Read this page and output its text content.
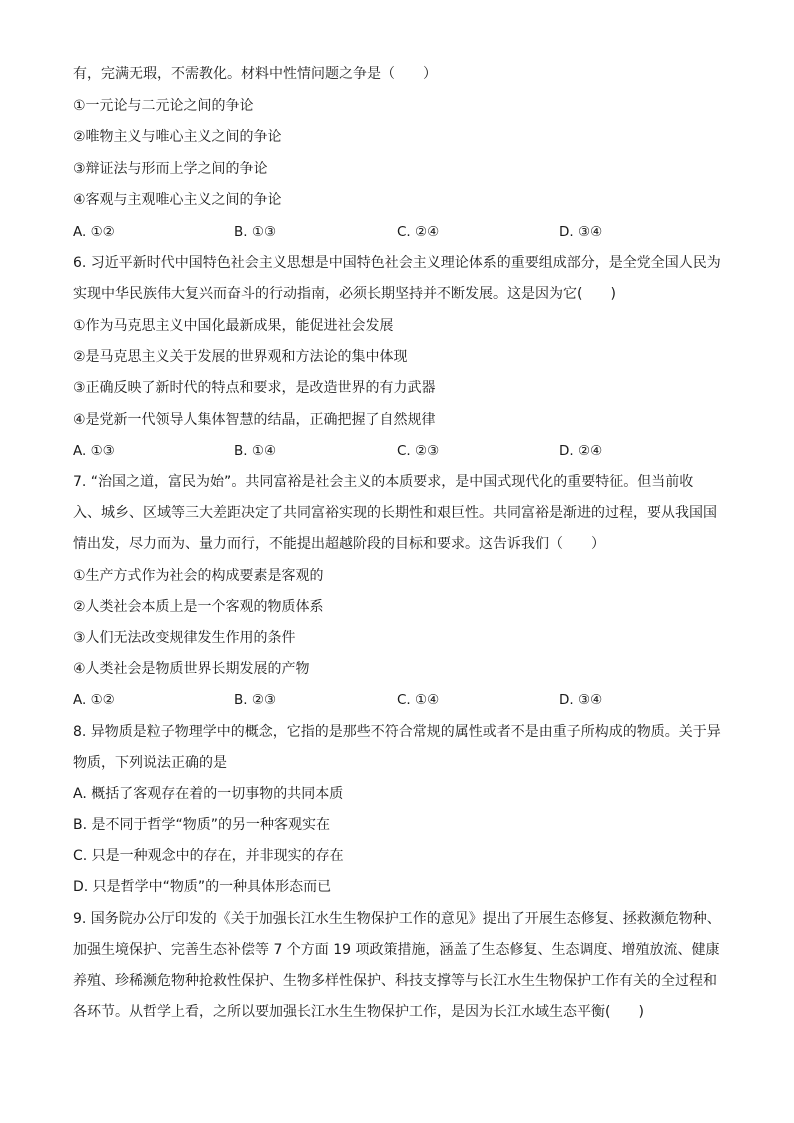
有，完满无瑕，不需教化。材料中性情问题之争是（　　）
①一元论与二元论之间的争论
②唯物主义与唯心主义之间的争论
③辩证法与形而上学之间的争论
④客观与主观唯心主义之间的争论
A. ①②	B. ①③	C. ②④	D. ③④
6. 习近平新时代中国特色社会主义思想是中国特色社会主义理论体系的重要组成部分，是全党全国人民为
实现中华民族伟大复兴而奋斗的行动指南，必须长期坚持并不断发展。这是因为它(　　)
①作为马克思主义中国化最新成果，能促进社会发展
②是马克思主义关于发展的世界观和方法论的集中体现
③正确反映了新时代的特点和要求，是改造世界的有力武器
④是党新一代领导人集体智慧的结晶，正确把握了自然规律
A. ①③	B. ①④	C. ②③	D. ②④
7. “治国之道，富民为始”。共同富裕是社会主义的本质要求，是中国式现代化的重要特征。但当前收
入、城乡、区域等三大差距决定了共同富裕实现的长期性和艰巨性。共同富裕是渐进的过程，要从我国国
情出发，尽力而为、量力而行，不能提出超越阶段的目标和要求。这告诉我们（　　）
①生产方式作为社会的构成要素是客观的
②人类社会本质上是一个客观的物质体系
③人们无法改变规律发生作用的条件
④人类社会是物质世界长期发展的产物
A. ①②	B. ②③	C. ①④	D. ③④
8. 异物质是粒子物理学中的概念，它指的是那些不符合常规的属性或者不是由重子所构成的物质。关于异
物质，下列说法正确的是
A. 概括了客观存在着的一切事物的共同本质
B. 是不同于哲学“物质”的另一种客观实在
C. 只是一种观念中的存在，并非现实的存在
D. 只是哲学中“物质”的一种具体形态而已
9. 国务院办公厅印发的《关于加强长江水生生物保护工作的意见》提出了开展生态修复、拯救濒危物种、
加强生境保护、完善生态补偿等 7 个方面 19 项政策措施，涵盖了生态修复、生态调度、增殖放流、健康
养殖、珍稀濒危物种抢救性保护、生物多样性保护、科技支撑等与长江水生生物保护工作有关的全过程和
各环节。从哲学上看，之所以要加强长江水生生物保护工作，是因为长江水域生态平衡(　　)
